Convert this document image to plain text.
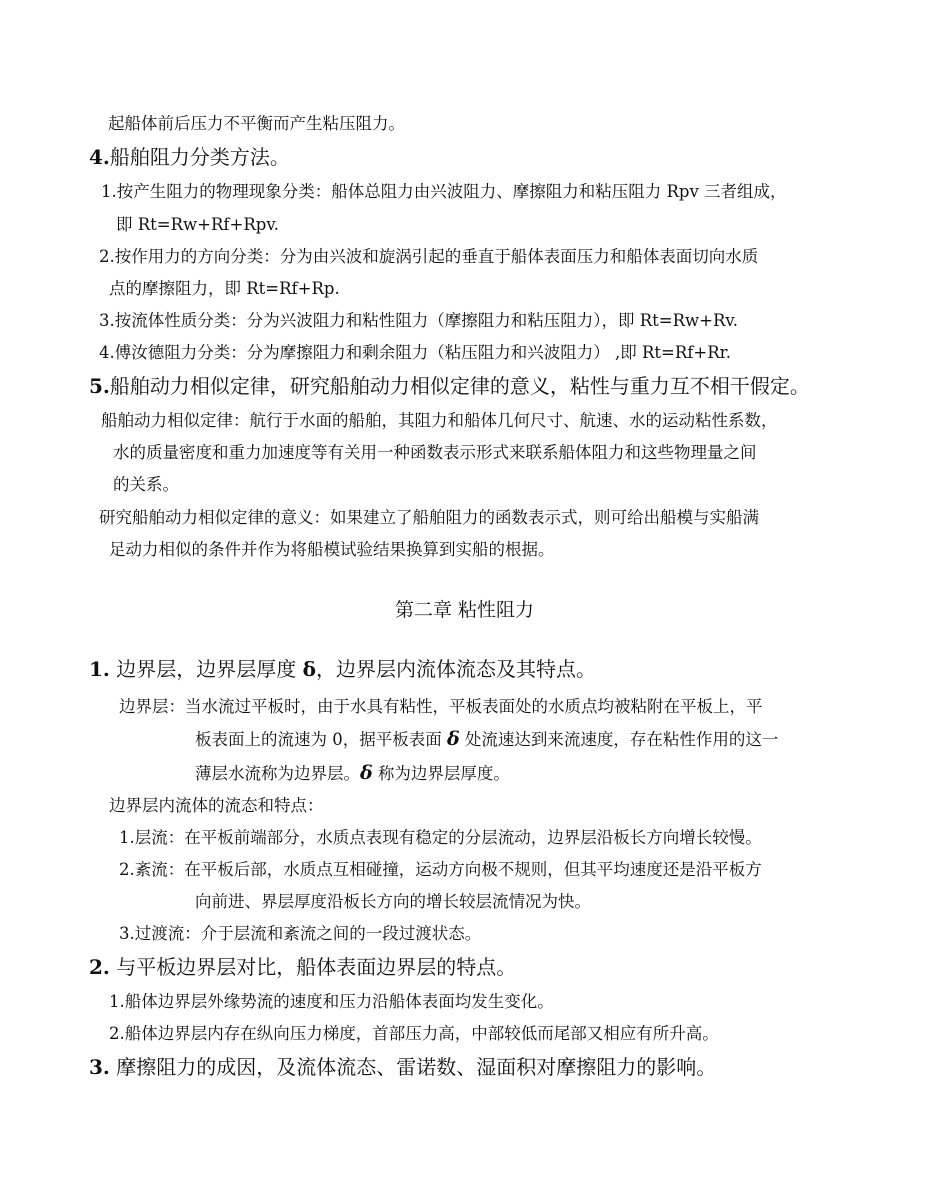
起船体前后压力不平衡而产生粘压阻力。
4.船舶阻力分类方法。
1.按产生阻力的物理现象分类：船体总阻力由兴波阻力、摩擦阻力和粘压阻力 Rpv 三者组成，
即 Rt=Rw+Rf+Rpv.
2.按作用力的方向分类：分为由兴波和旋涡引起的垂直于船体表面压力和船体表面切向水质
点的摩擦阻力，即 Rt=Rf+Rp.
3.按流体性质分类：分为兴波阻力和粘性阻力（摩擦阻力和粘压阻力），即 Rt=Rw+Rv.
4.傅汝德阻力分类：分为摩擦阻力和剩余阻力（粘压阻力和兴波阻力） ,即 Rt=Rf+Rr.
5.船舶动力相似定律，研究船舶动力相似定律的意义，粘性与重力互不相干假定。
船舶动力相似定律：航行于水面的船舶，其阻力和船体几何尺寸、航速、水的运动粘性系数，
水的质量密度和重力加速度等有关用一种函数表示形式来联系船体阻力和这些物理量之间
的关系。
研究船舶动力相似定律的意义：如果建立了船舶阻力的函数表示式，则可给出船模与实船满
足动力相似的条件并作为将船模试验结果换算到实船的根据。
第二章 粘性阻力
1. 边界层，边界层厚度 δ，边界层内流体流态及其特点。
边界层：当水流过平板时，由于水具有粘性，平板表面处的水质点均被粘附在平板上，平
板表面上的流速为 0，据平板表面 δ 处流速达到来流速度，存在粘性作用的这一
薄层水流称为边界层。δ 称为边界层厚度。
边界层内流体的流态和特点：
1.层流：在平板前端部分，水质点表现有稳定的分层流动，边界层沿板长方向增长较慢。
2.紊流：在平板后部，水质点互相碰撞，运动方向极不规则，但其平均速度还是沿平板方
向前进、界层厚度沿板长方向的增长较层流情况为快。
3.过渡流：介于层流和紊流之间的一段过渡状态。
2. 与平板边界层对比，船体表面边界层的特点。
1.船体边界层外缘势流的速度和压力沿船体表面均发生变化。
2.船体边界层内存在纵向压力梯度，首部压力高，中部较低而尾部又相应有所升高。
3. 摩擦阻力的成因，及流体流态、雷诺数、湿面积对摩擦阻力的影响。
